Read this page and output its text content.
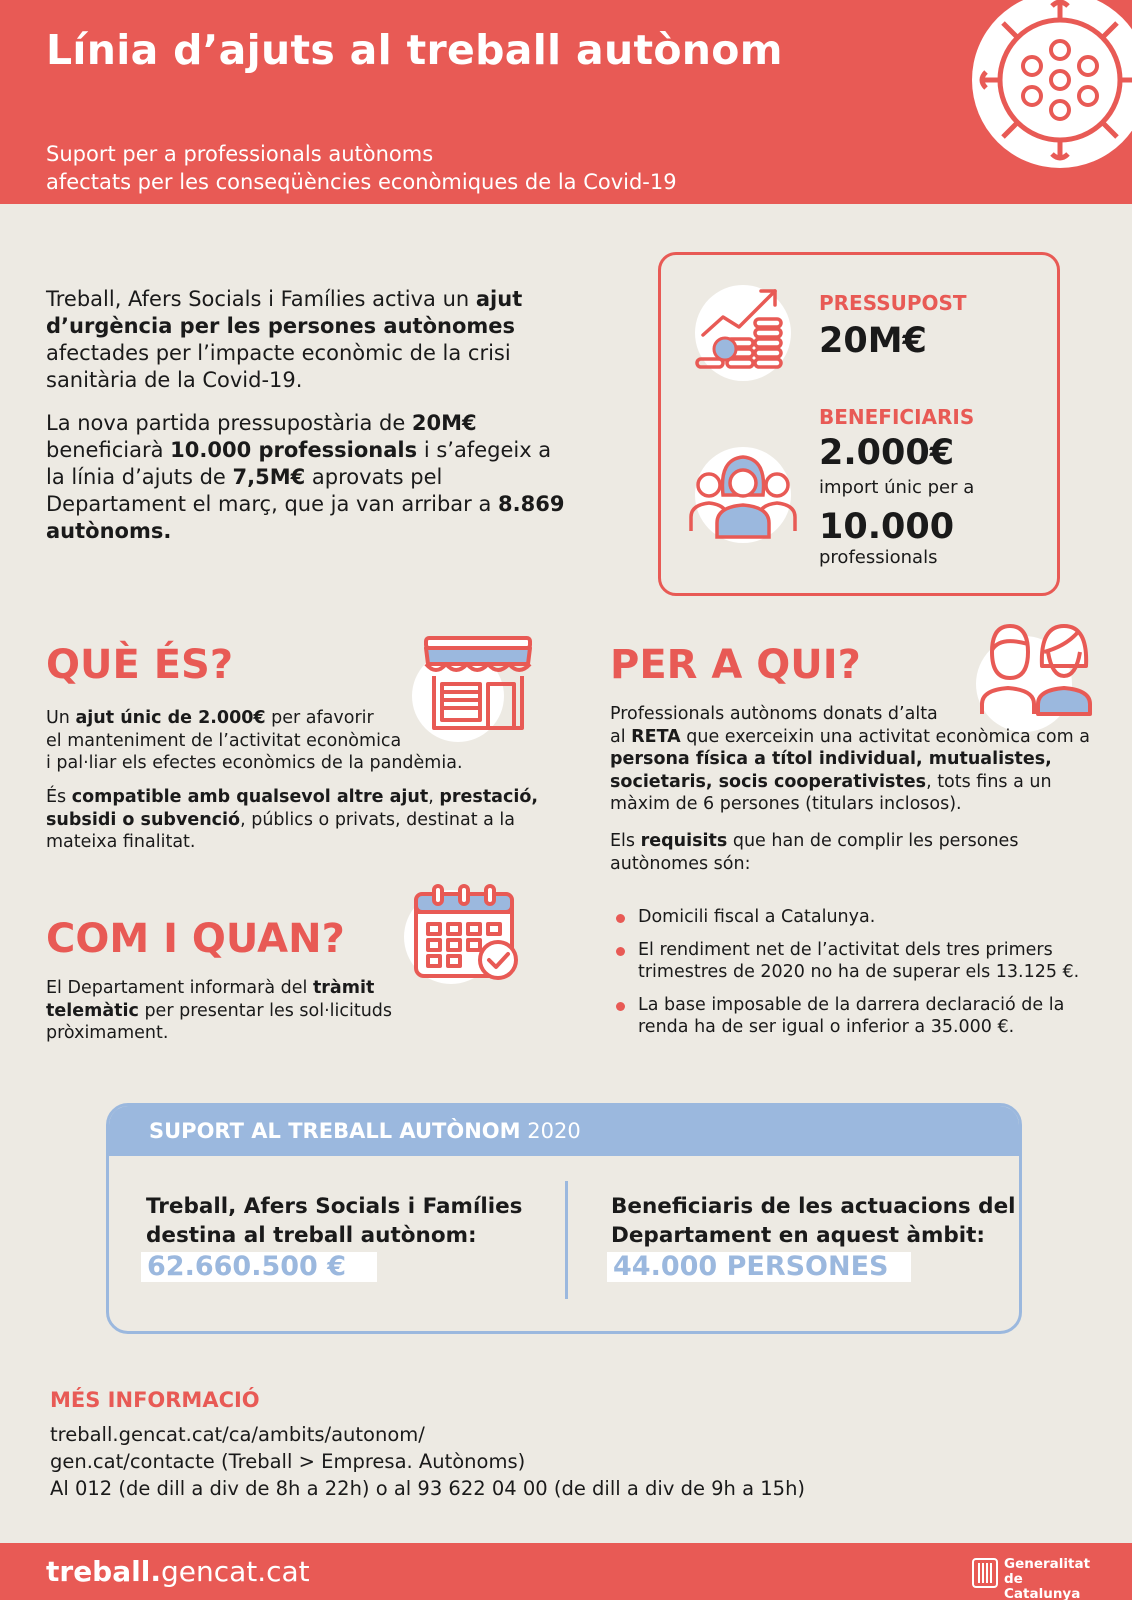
Línia d’ajuts al treball autònom
Suport per a professionals autònoms
afectats per les conseqüències econòmiques de la Covid-19
Treball, Afers Socials i Famílies activa un ajut d’urgència per les persones autònomes afectades per l’impacte econòmic de la crisi sanitària de la Covid-19.
La nova partida pressupostària de 20M€ beneficiarà 10.000 professionals i s’afegeix a la línia d’ajuts de 7,5M€ aprovats pel Departament el març, que ja van arribar a 8.869 autònoms.
PRESSUPOST
20M€
BENEFICIARIS
2.000€
import únic per a
10.000
professionals
QUÈ ÉS?
Un ajut únic de 2.000€ per afavorir
el manteniment de l’activitat econòmica
i pal·liar els efectes econòmics de la pandèmia.
És compatible amb qualsevol altre ajut, prestació, subsidi o subvenció, públics o privats, destinat a la mateixa finalitat.
COM I QUAN?
El Departament informarà del tràmit telemàtic per presentar les sol·licituds pròximament.
PER A QUI?
Professionals autònoms donats d’alta
al RETA que exerceixin una activitat econòmica com a persona física a títol individual, mutualistes, societaris, socis cooperativistes, tots fins a un màxim de 6 persones (titulars inclosos).
Els requisits que han de complir les persones autònomes són:
Domicili fiscal a Catalunya.
El rendiment net de l’activitat dels tres primers trimestres de 2020 no ha de superar els 13.125 €.
La base imposable de la darrera declaració de la renda ha de ser igual o inferior a 35.000 €.
SUPORT AL TREBALL AUTÒNOM 2020
Treball, Afers Socials i Famílies
destina al treball autònom:
62.660.500 €
Beneficiaris de les actuacions del
Departament en aquest àmbit:
44.000 PERSONES
MÉS INFORMACIÓ
treball.gencat.cat/ca/ambits/autonom/
gen.cat/contacte (Treball > Empresa. Autònoms)
Al 012 (de dill a div de 8h a 22h) o al 93 622 04 00 (de dill a div de 9h a 15h)
treball.gencat.cat	Generalitat
de Catalunya
